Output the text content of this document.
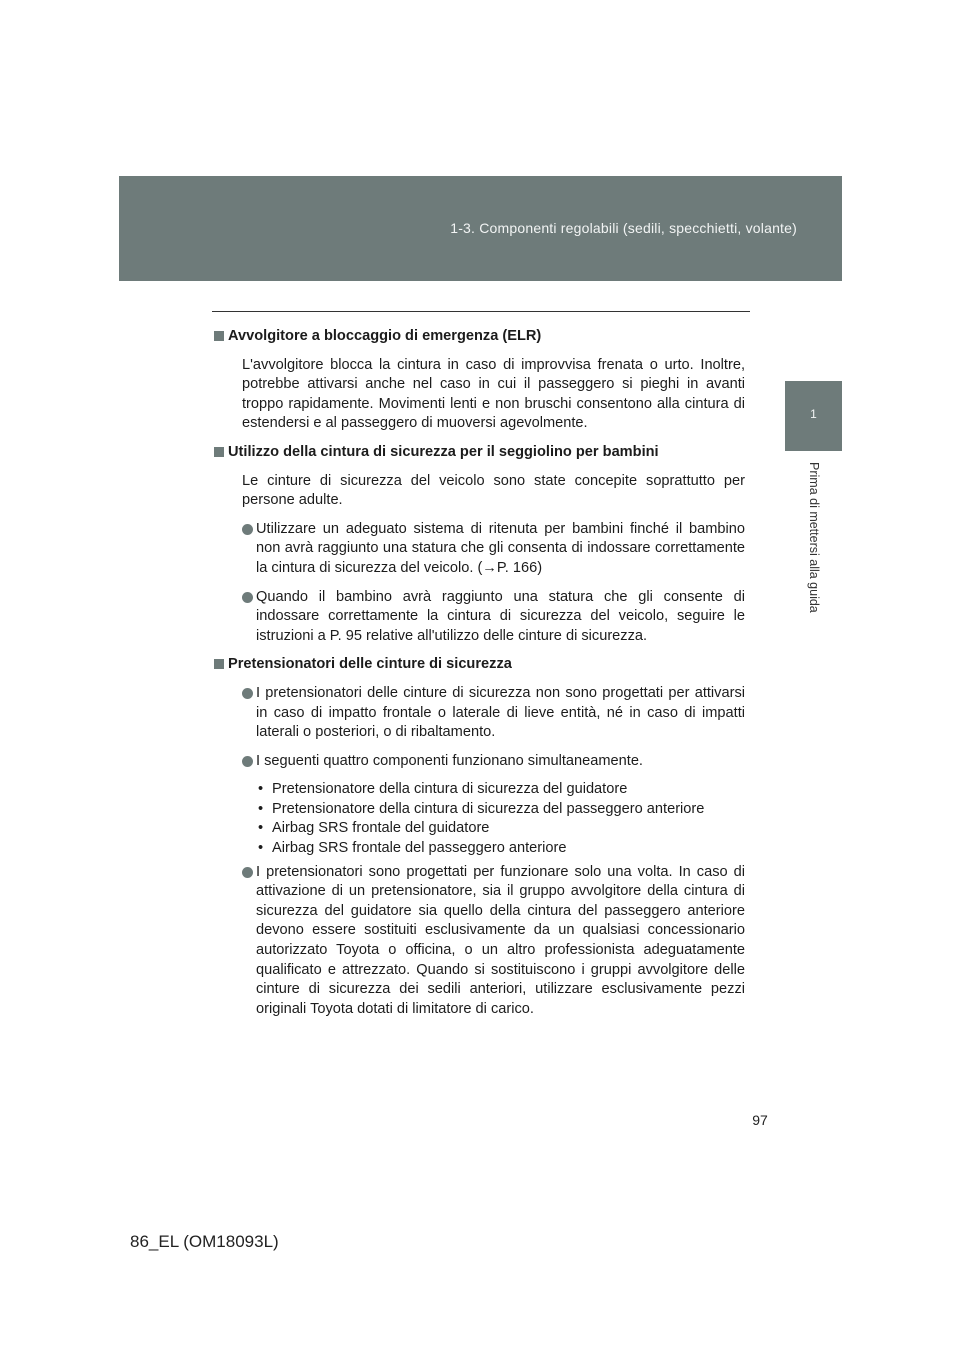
1-3. Componenti regolabili (sedili, specchietti, volante)
1
Prima di mettersi alla guida
Avvolgitore a bloccaggio di emergenza (ELR)
L'avvolgitore blocca la cintura in caso di improvvisa frenata o urto. Inoltre, potrebbe attivarsi anche nel caso in cui il passeggero si pieghi in avanti troppo rapidamente. Movimenti lenti e non bruschi consentono alla cintura di estendersi e al passeggero di muoversi agevolmente.
Utilizzo della cintura di sicurezza per il seggiolino per bambini
Le cinture di sicurezza del veicolo sono state concepite soprattutto per persone adulte.
Utilizzare un adeguato sistema di ritenuta per bambini finché il bambino non avrà raggiunto una statura che gli consenta di indossare correttamente la cintura di sicurezza del veicolo. (→P. 166)
Quando il bambino avrà raggiunto una statura che gli consente di indossare correttamente la cintura di sicurezza del veicolo, seguire le istruzioni a P. 95 relative all'utilizzo delle cinture di sicurezza.
Pretensionatori delle cinture di sicurezza
I pretensionatori delle cinture di sicurezza non sono progettati per attivarsi in caso di impatto frontale o laterale di lieve entità, né in caso di impatti laterali o posteriori, o di ribaltamento.
I seguenti quattro componenti funzionano simultaneamente.
• Pretensionatore della cintura di sicurezza del guidatore
• Pretensionatore della cintura di sicurezza del passeggero anteriore
• Airbag SRS frontale del guidatore
• Airbag SRS frontale del passeggero anteriore
I pretensionatori sono progettati per funzionare solo una volta. In caso di attivazione di un pretensionatore, sia il gruppo avvolgitore della cintura di sicurezza del guidatore sia quello della cintura del passeggero anteriore devono essere sostituiti esclusivamente da un qualsiasi concessionario autorizzato Toyota o officina, o un altro professionista adeguatamente qualificato e attrezzato. Quando si sostituiscono i gruppi avvolgitore delle cinture di sicurezza dei sedili anteriori, utilizzare esclusivamente pezzi originali Toyota dotati di limitatore di carico.
97
86_EL (OM18093L)
